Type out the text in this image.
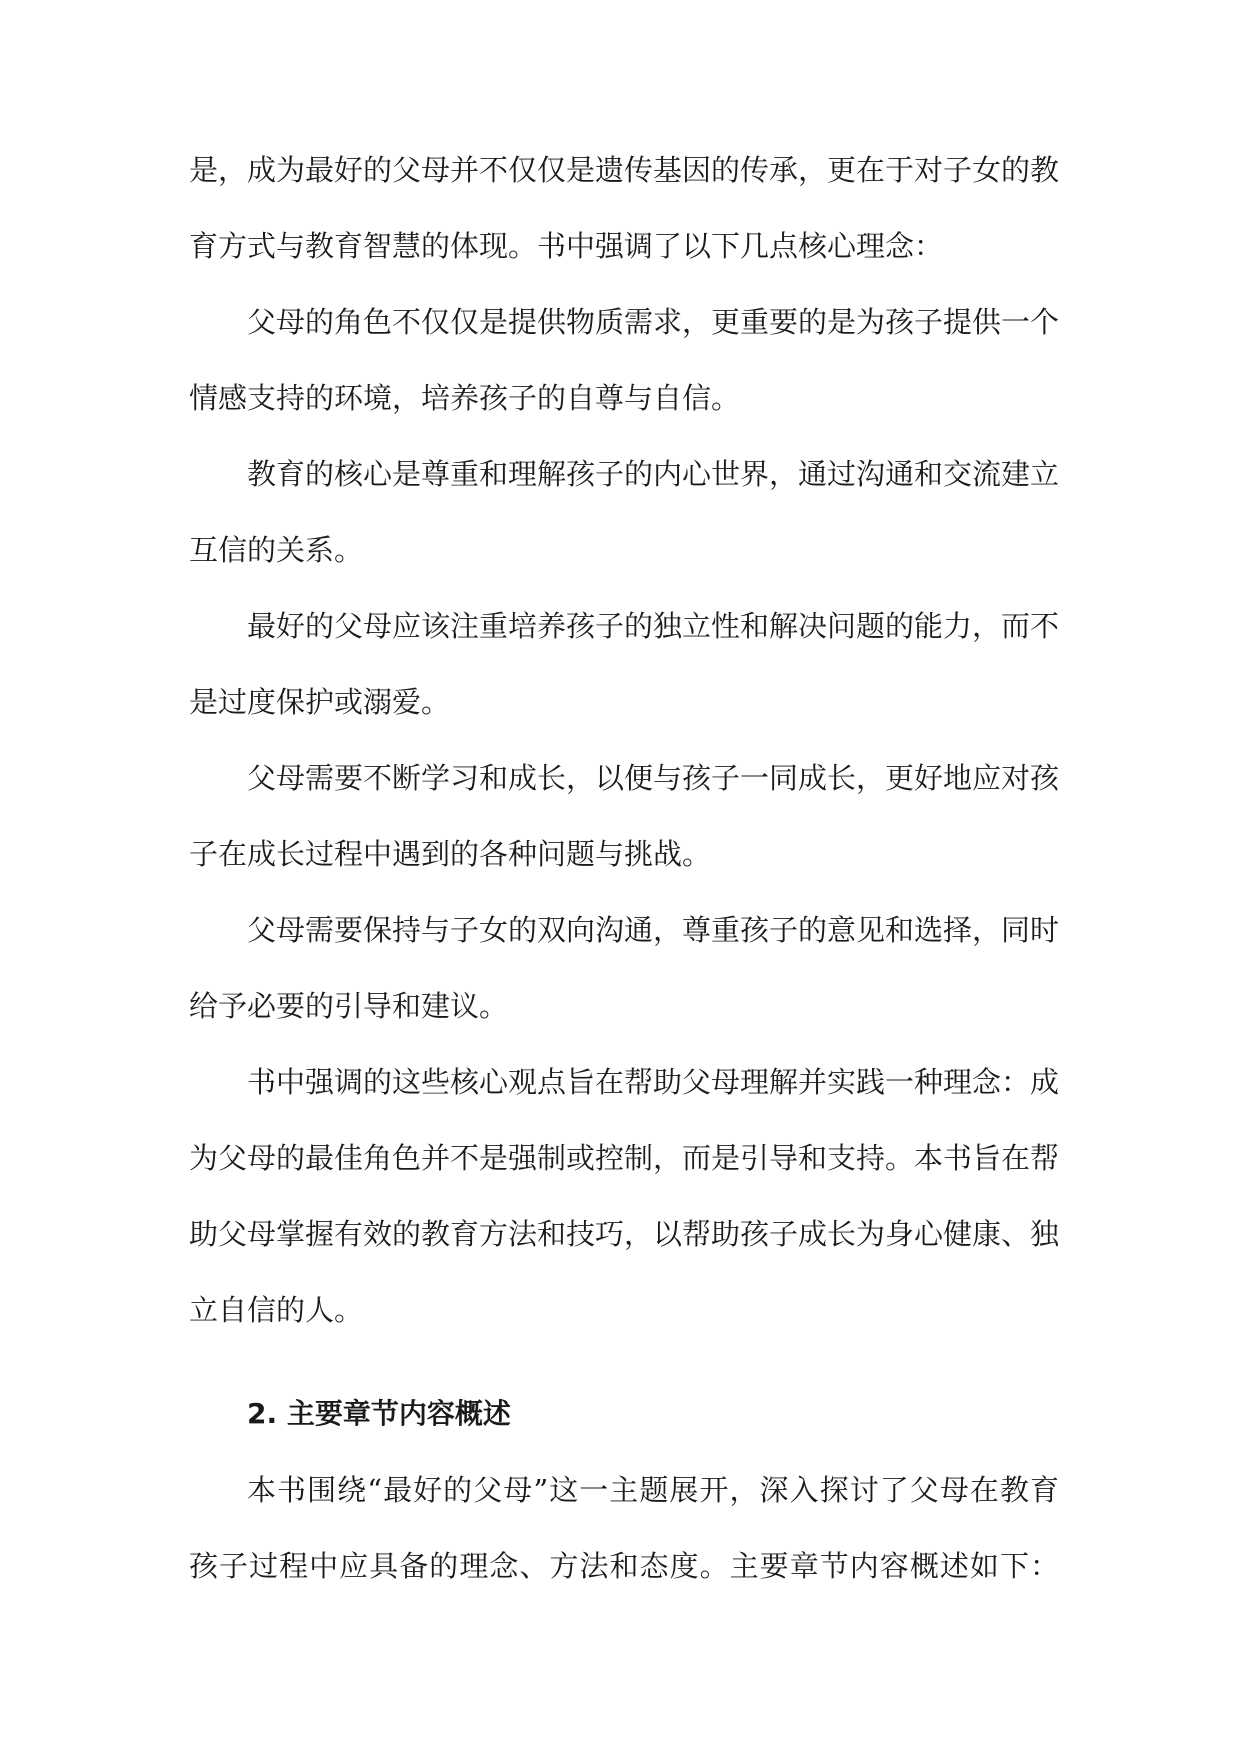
是，成为最好的父母并不仅仅是遗传基因的传承，更在于对子女的教
育方式与教育智慧的体现。书中强调了以下几点核心理念：
父母的角色不仅仅是提供物质需求，更重要的是为孩子提供一个
情感支持的环境，培养孩子的自尊与自信。
教育的核心是尊重和理解孩子的内心世界，通过沟通和交流建立
互信的关系。
最好的父母应该注重培养孩子的独立性和解决问题的能力，而不
是过度保护或溺爱。
父母需要不断学习和成长，以便与孩子一同成长，更好地应对孩
子在成长过程中遇到的各种问题与挑战。
父母需要保持与子女的双向沟通，尊重孩子的意见和选择，同时
给予必要的引导和建议。
书中强调的这些核心观点旨在帮助父母理解并实践一种理念：成
为父母的最佳角色并不是强制或控制，而是引导和支持。本书旨在帮
助父母掌握有效的教育方法和技巧，以帮助孩子成长为身心健康、独
立自信的人。
2. 主要章节内容概述
本书围绕“最好的父母”这一主题展开，深入探讨了父母在教育
孩子过程中应具备的理念、方法和态度。主要章节内容概述如下：
